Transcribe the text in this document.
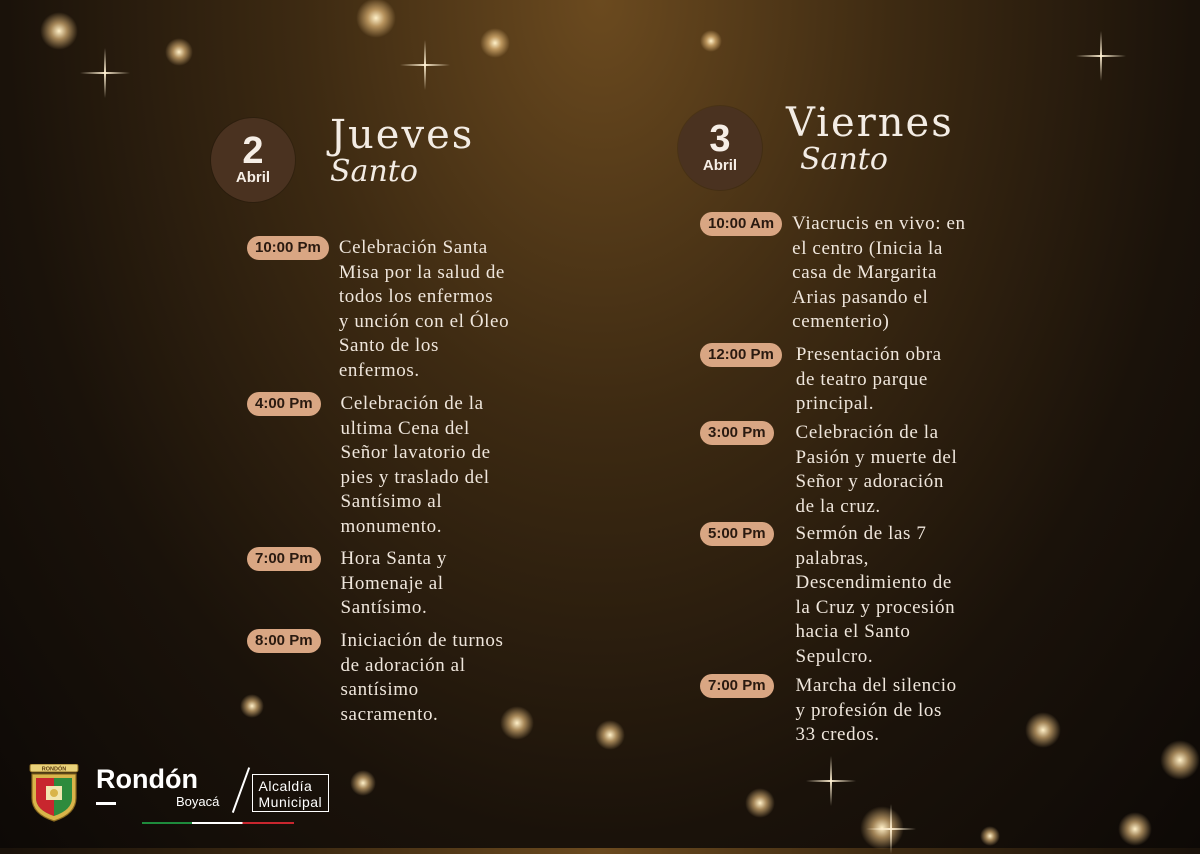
2
Abril
Jueves
Santo
10:00 Pm Celebración Santa
Misa por la salud de
todos los enfermos
y unción con el Óleo
Santo de los
enfermos.
4:00 Pm	Celebración de la
ultima Cena del
Señor lavatorio de
pies y traslado del
Santísimo al
monumento.
7:00 Pm	Hora Santa y
Homenaje al
Santísimo.
8:00 Pm	Iniciación de turnos
de adoración al
santísimo
sacramento.
3
Abril
Viernes
Santo
10:00 Am Viacrucis en vivo: en
el centro (Inicia la
casa de Margarita
Arias pasando el
cementerio)
12:00 Pm	Presentación obra
de teatro parque
principal.
3:00 Pm	Celebración de la
Pasión y muerte del
Señor y adoración
de la cruz.
5:00 Pm	Sermón de las 7
palabras,
Descendimiento de
la Cruz y procesión
hacia el Santo
Sepulcro.
7:00 Pm	Marcha del silencio
y profesión de los
33 credos.
RONDÓN Rondón
Boyacá
Alcaldía
Municipal
